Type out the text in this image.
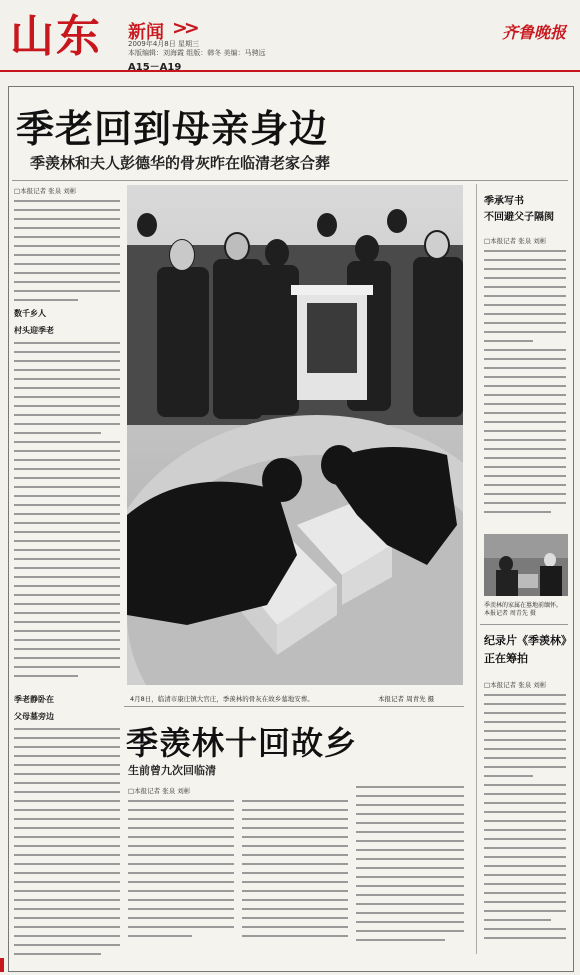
山东 新闻 >>
2009年4月8日 星期三
本版编辑：刘海霞 组版：韩冬 美编：马骋远
A15－A19
齐鲁晚报
季老回到母亲身边
季羡林和夫人彭德华的骨灰昨在临清老家合葬
□本报记者 张泉 刘彬
数千乡人
村头迎季老
季老静卧在
父母墓旁边
4月8日，临清市康庄镇大官庄，季羡林的骨灰在故乡墓地安葬。	本报记者 周青先 摄
季承写书
不回避父子隔阂
□本报记者 张泉 刘彬
季羡林的家属在墓地前缅怀。 本报记者 周青先 摄
纪录片《季羡林》
正在筹拍
□本报记者 张泉 刘彬
季羡林十回故乡
生前曾九次回临清
□本报记者 张泉 刘彬
